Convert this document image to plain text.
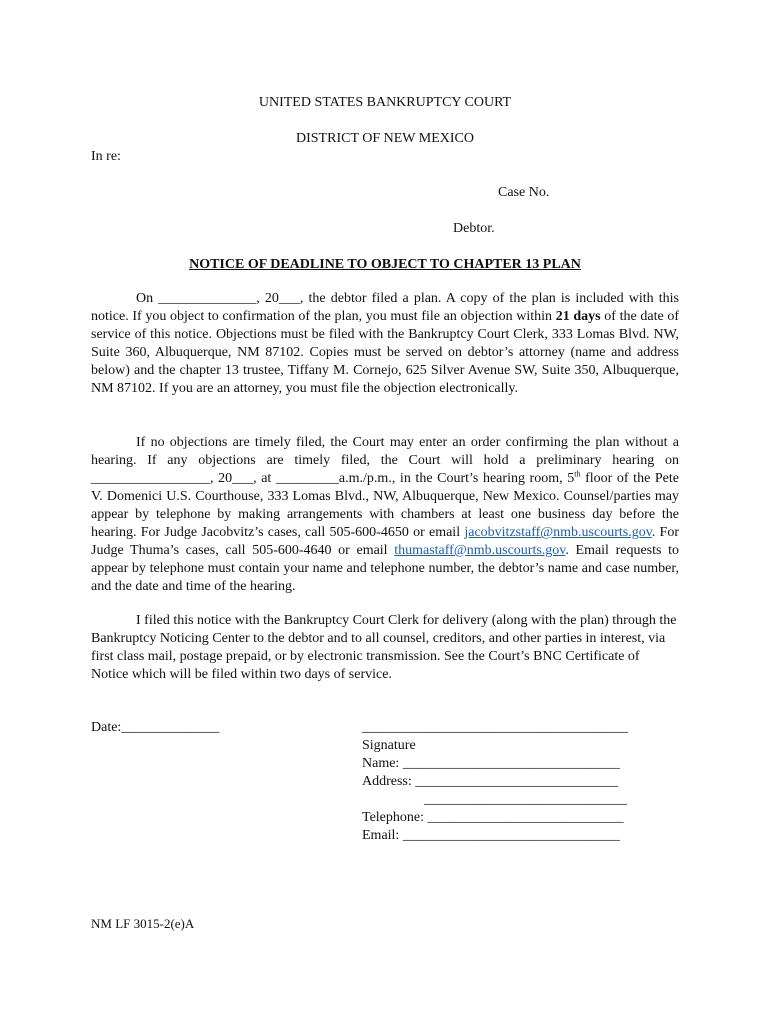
UNITED STATES BANKRUPTCY COURT
DISTRICT OF NEW MEXICO
In re:
Case No.
Debtor.
NOTICE OF DEADLINE TO OBJECT TO CHAPTER 13 PLAN

On ______________, 20___, the debtor filed a plan. A copy of the plan is included with this notice. If you object to confirmation of the plan, you must file an objection within 21 days of the date of service of this notice. Objections must be filed with the Bankruptcy Court Clerk, 333 Lomas Blvd. NW, Suite 360, Albuquerque, NM 87102. Copies must be served on debtor’s attorney (name and address below) and the chapter 13 trustee, Tiffany M. Cornejo, 625 Silver Avenue SW, Suite 350, Albuquerque, NM 87102. If you are an attorney, you must file the objection electronically.

If no objections are timely filed, the Court may enter an order confirming the plan without a hearing. If any objections are timely filed, the Court will hold a preliminary hearing on _________________, 20___, at _________a.m./p.m., in the Court’s hearing room, 5th floor of the Pete V. Domenici U.S. Courthouse, 333 Lomas Blvd., NW, Albuquerque, New Mexico. Counsel/parties may appear by telephone by making arrangements with chambers at least one business day before the hearing. For Judge Jacobvitz’s cases, call 505-600-4650 or email jacobvitzstaff@nmb.uscourts.gov. For Judge Thuma’s cases, call 505-600-4640 or email thumastaff@nmb.uscourts.gov. Email requests to appear by telephone must contain your name and telephone number, the debtor’s name and case number, and the date and time of the hearing.

I filed this notice with the Bankruptcy Court Clerk for delivery (along with the plan) through the Bankruptcy Noticing Center to the debtor and to all counsel, creditors, and other parties in interest, via first class mail, postage prepaid, or by electronic transmission. See the Court’s BNC Certificate of Notice which will be filed within two days of service.

Date:______________	______________________________________
Signature
Name: _______________________________
Address: _____________________________
_____________________________
Telephone: ____________________________
Email: _______________________________
NM LF 3015-2(e)A
